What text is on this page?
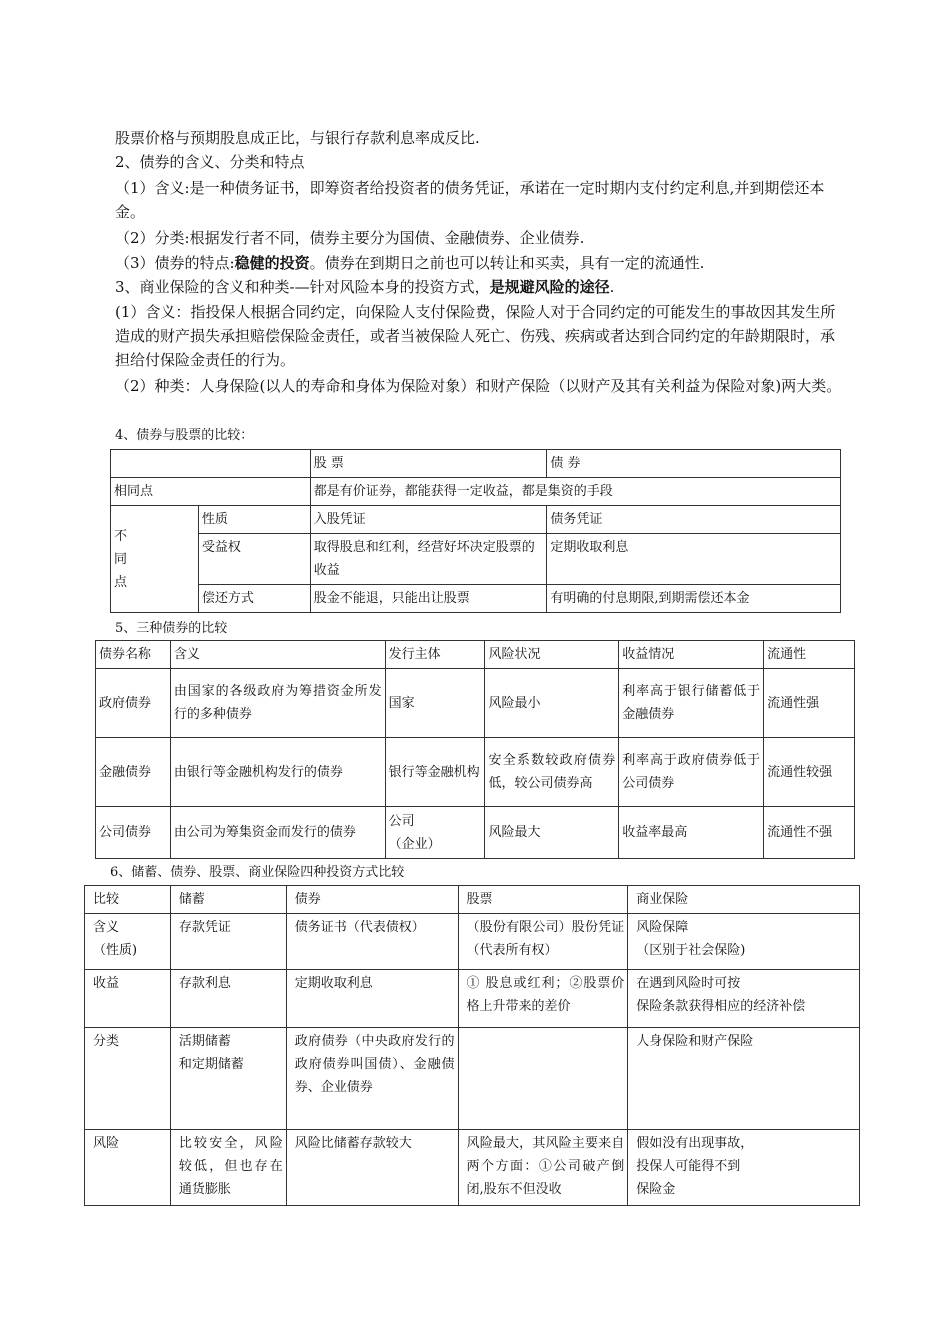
股票价格与预期股息成正比，与银行存款利息率成反比.
2、债券的含义、分类和特点
（1）含义:是一种债务证书，即筹资者给投资者的债务凭证，承诺在一定时期内支付约定利息,并到期偿还本金。
（2）分类:根据发行者不同，债券主要分为国债、金融债券、企业债券.
（3）债券的特点:稳健的投资。债券在到期日之前也可以转让和买卖，具有一定的流通性.
3、商业保险的含义和种类-—针对风险本身的投资方式，是规避风险的途径.
(1）含义：指投保人根据合同约定，向保险人支付保险费，保险人对于合同约定的可能发生的事故因其发生所造成的财产损失承担赔偿保险金责任，或者当被保险人死亡、伤残、疾病或者达到合同约定的年龄期限时，承担给付保险金责任的行为。
（2）种类：人身保险(以人的寿命和身体为保险对象）和财产保险（以财产及其有关利益为保险对象)两大类。
4、债券与股票的比较：
		股 票	债 券
相同点		都是有价证券，都能获得一定收益，都是集资的手段	
不
同
点	性质	入股凭证	债务凭证
	受益权	取得股息和红利，经营好坏决定股票的收益	定期收取利息
	偿还方式	股金不能退，只能出让股票	有明确的付息期限,到期需偿还本金
5、三种债券的比较
债券名称	含义	发行主体	风险状况	收益情况	流通性
政府债券	由国家的各级政府为筹措资金所发行的多种债券	国家	风险最小	利率高于银行储蓄低于金融债券	流通性强
金融债券	由银行等金融机构发行的债券	银行等金融机构	安全系数较政府债券低，较公司债券高	利率高于政府债券低于公司债券	流通性较强
公司债券	由公司为筹集资金而发行的债券	公司
（企业）	风险最大	收益率最高	流通性不强
6、储蓄、债券、股票、商业保险四种投资方式比较
比较	储蓄	债券	股票	商业保险
含义
（性质)	存款凭证	债务证书（代表债权）	（股份有限公司）股份凭证（代表所有权）	风险保障
（区别于社会保险)
收益	存款利息	定期收取利息	① 股息或红利；②股票价格上升带来的差价	在遇到风险时可按
保险条款获得相应的经济补偿
分类	活期储蓄
和定期储蓄	政府债券（中央政府发行的政府债券叫国债）、金融债券、企业债券		人身保险和财产保险
风险	比较安全，风险较低，但也存在通货膨胀	风险比储蓄存款较大	风险最大，其风险主要来自两个方面：①公司破产倒闭,股东不但没收	假如没有出现事故，
投保人可能得不到
保险金
